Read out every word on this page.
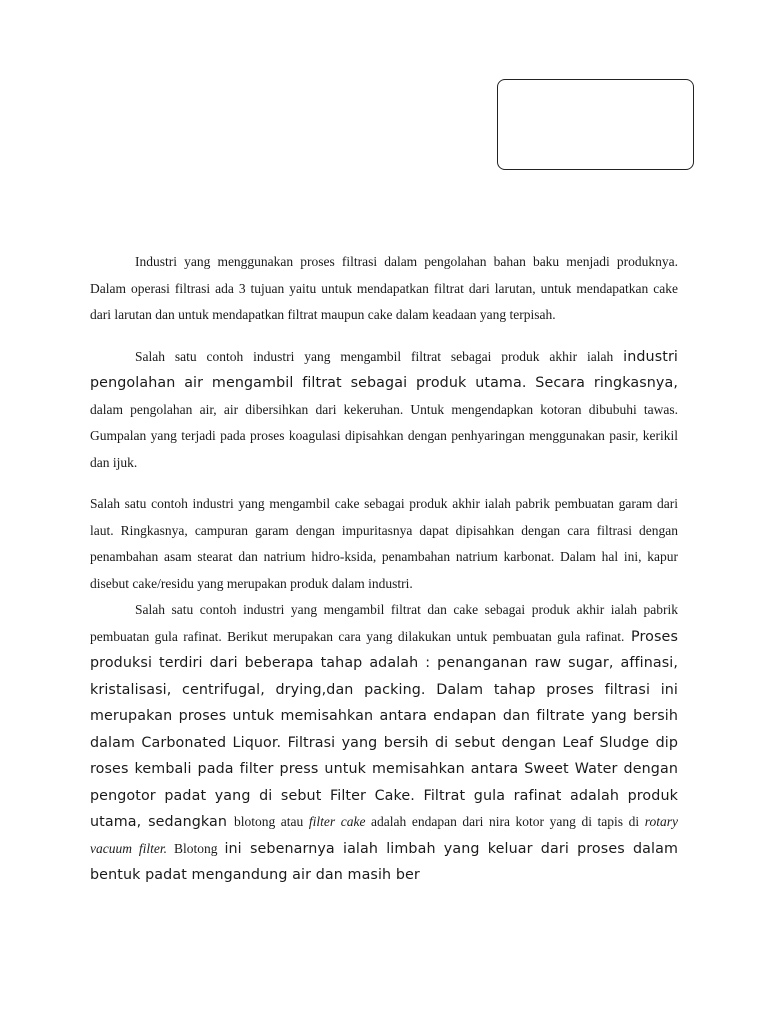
Industri yang menggunakan proses filtrasi dalam pengolahan bahan baku menjadi produknya. Dalam operasi filtrasi ada 3 tujuan yaitu untuk mendapatkan filtrat dari larutan, untuk mendapatkan cake dari larutan dan untuk mendapatkan filtrat maupun cake dalam keadaan yang terpisah.

Salah satu contoh industri yang mengambil filtrat sebagai produk akhir ialah industri pengolahan air mengambil filtrat sebagai produk utama. Secara ringkasnya, dalam pengolahan air, air dibersihkan dari kekeruhan. Untuk mengendapkan kotoran dibubuhi tawas. Gumpalan yang terjadi pada proses koagulasi dipisahkan dengan penhyaringan menggunakan pasir, kerikil dan ijuk.

Salah satu contoh industri yang mengambil cake sebagai produk akhir ialah pabrik pembuatan garam dari laut. Ringkasnya, campuran garam dengan impuritasnya dapat dipisahkan dengan cara filtrasi dengan penambahan asam stearat dan natrium hidro-ksida, penambahan natrium karbonat. Dalam hal ini, kapur disebut cake/residu yang merupakan produk dalam industri.

Salah satu contoh industri yang mengambil filtrat dan cake sebagai produk akhir ialah pabrik pembuatan gula rafinat. Berikut merupakan cara yang dilakukan untuk pembuatan gula rafinat. Proses produksi terdiri dari beberapa tahap adalah : penanganan raw sugar, affinasi, kristalisasi, centrifugal, drying,dan packing. Dalam tahap proses filtrasi ini merupakan proses untuk memisahkan antara endapan dan filtrate yang bersih dalam Carbonated Liquor. Filtrasi yang bersih di sebut dengan Leaf Sludge dip roses kembali pada filter press untuk memisahkan antara Sweet Water dengan pengotor padat yang di sebut Filter Cake. Filtrat gula rafinat adalah produk utama, sedangkan blotong atau filter cake adalah endapan dari nira kotor yang di tapis di rotary vacuum filter. Blotong ini sebenarnya ialah limbah yang keluar dari proses dalam bentuk padat mengandung air dan masih ber
